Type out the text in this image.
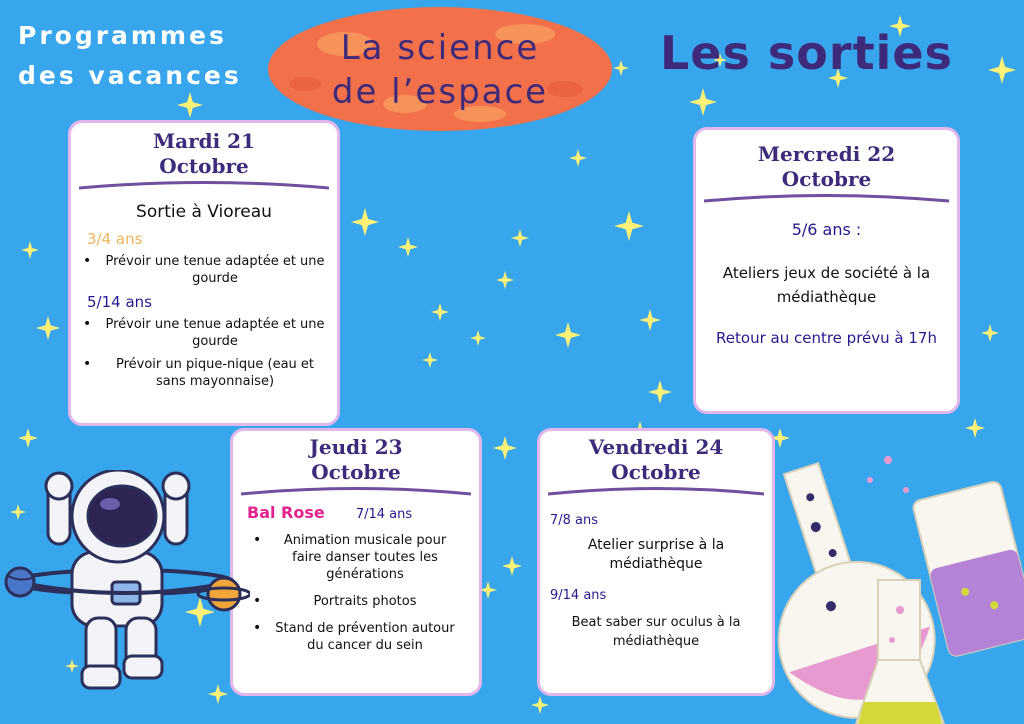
Programmes
des vacances
La science
de l’espace
Les sorties
Mardi 21
Octobre
Sortie à Vioreau
3/4 ans
• Prévoir une tenue adaptée et une gourde
5/14 ans
• Prévoir une tenue adaptée et une gourde
• Prévoir un pique-nique (eau et sans mayonnaise)
Mercredi 22
Octobre
5/6 ans :
Ateliers jeux de société à la médiathèque
Retour au centre prévu à 17h
Jeudi 23
Octobre
Bal Rose 7/14 ans
• Animation musicale pour faire danser toutes les générations
•	Portraits photos
• Stand de prévention autour du cancer du sein
Vendredi 24
Octobre
7/8 ans
Atelier surprise à la médiathèque
9/14 ans
Beat saber sur oculus à la médiathèque
